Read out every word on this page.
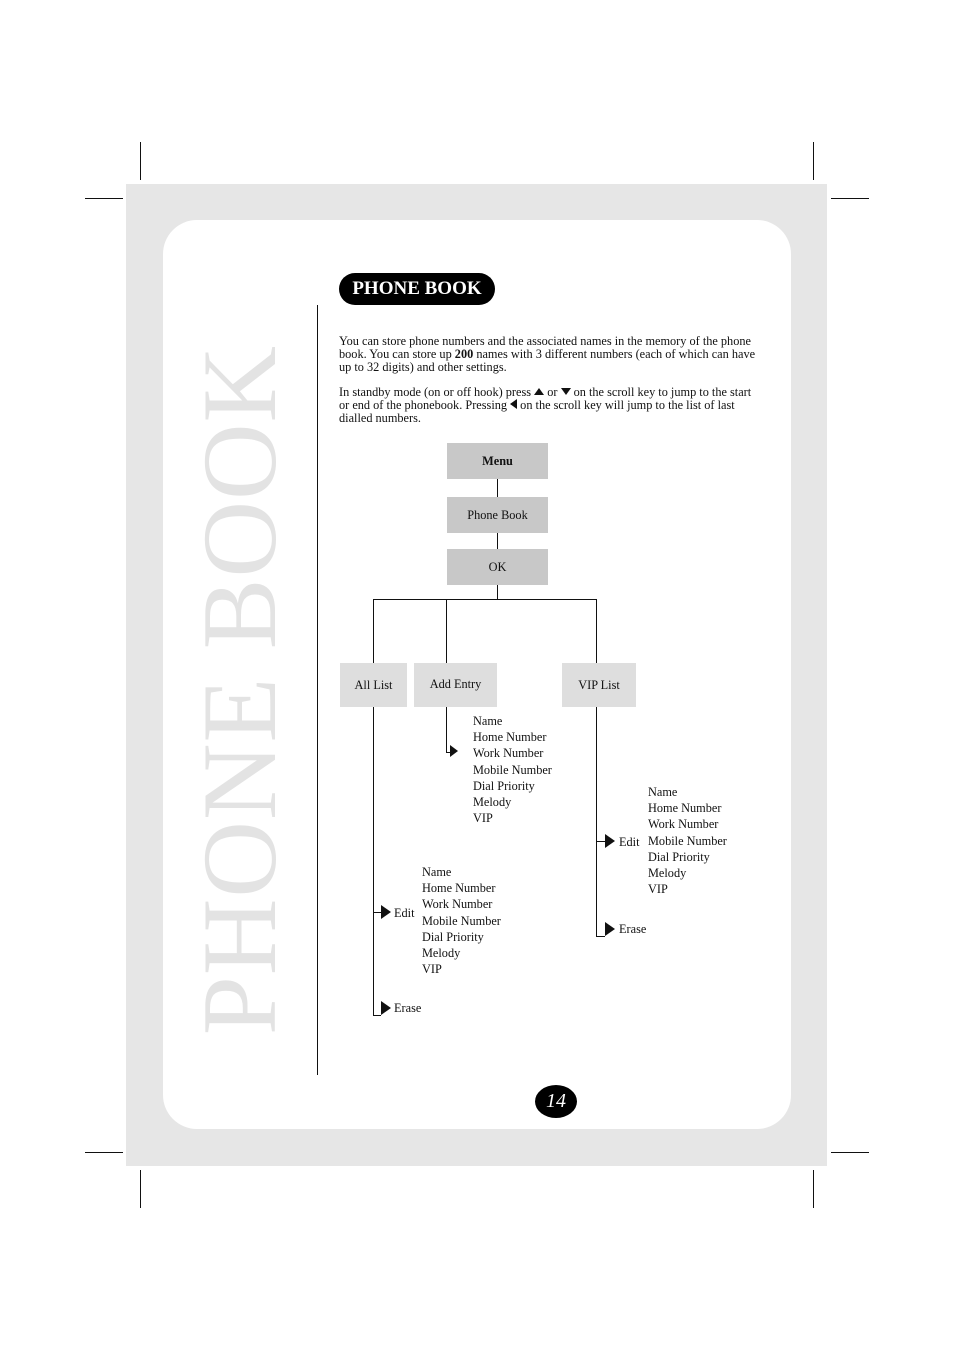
PHONE BOOK
PHONE BOOK

You can store phone numbers and the associated names in the memory of the phone book. You can store up 200 names with 3 different numbers (each of which can have up to 32 digits) and other settings.

In standby mode (on or off hook) press  or  on the scroll key to jump to the start or end of the phonebook. Pressing  on the scroll key will jump to the list of last dialled numbers.

Menu
Phone Book
OK
All List	Add Entry	VIP List
Name
Home Number
Work Number
Mobile Number
Dial Priority
Melody
VIP
Edit
Name
Home Number
Work Number
Mobile Number
Dial Priority
Melody
VIP
Erase
Edit
Name
Home Number
Work Number
Mobile Number
Dial Priority
Melody
VIP
Erase
14
